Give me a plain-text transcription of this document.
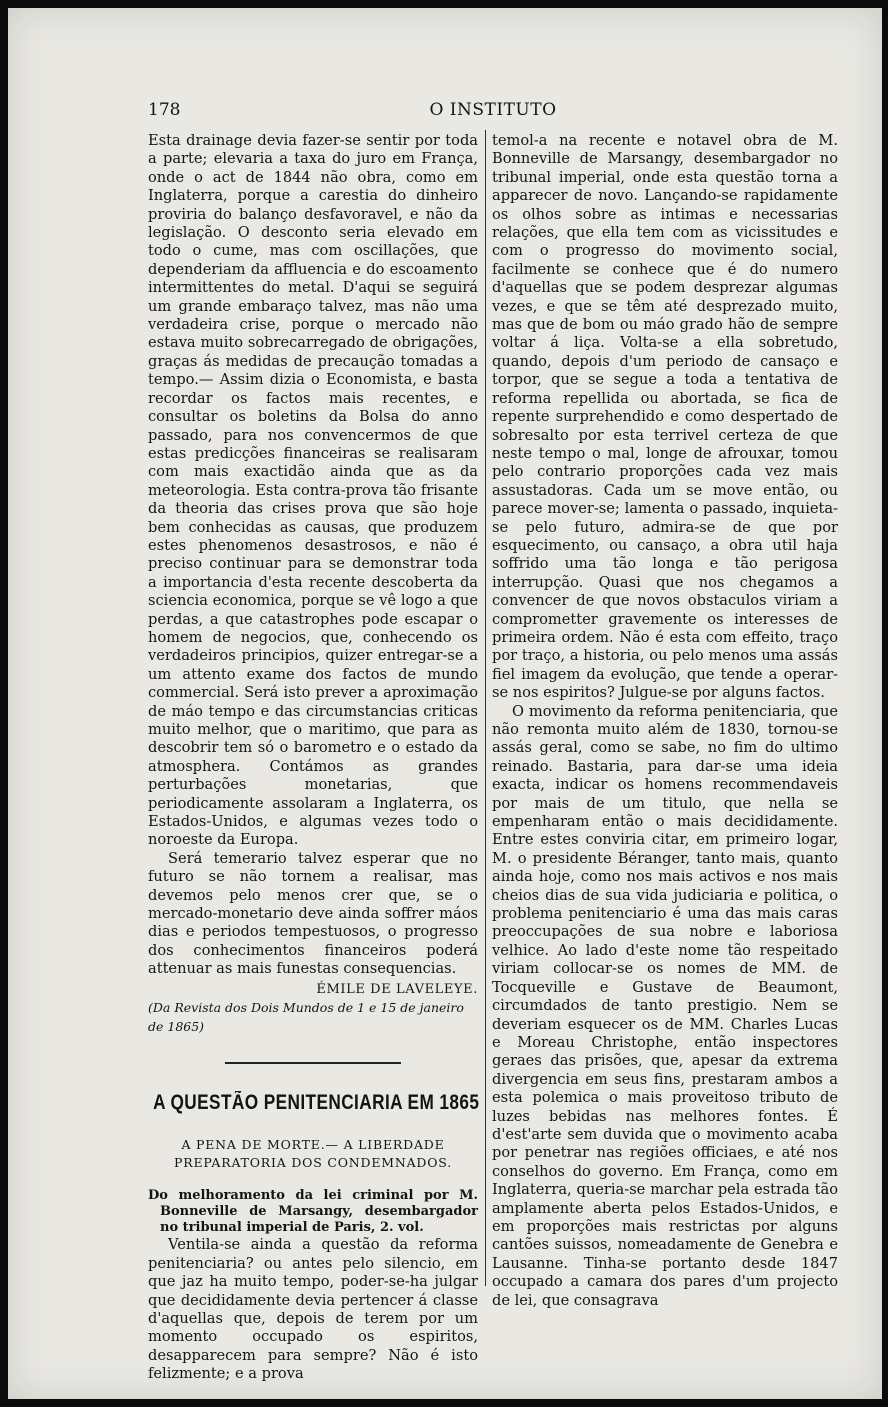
178	O INSTITUTO

Esta drainage devia fazer-se sentir por toda a parte; elevaria a taxa do juro em França, onde o act de 1844 não obra, como em Inglaterra, porque a carestia do dinheiro proviria do balanço desfavoravel, e não da legislação. O desconto seria elevado em todo o cume, mas com oscillações, que dependeriam da affluencia e do escoamento intermittentes do metal. D'aqui se seguirá um grande embaraço talvez, mas não uma verdadeira crise, porque o mercado não estava muito sobrecarregado de obrigações, graças ás medidas de precaução tomadas a tempo.— Assim dizia o Economista, e basta recordar os factos mais recentes, e consultar os boletins da Bolsa do anno passado, para nos convencermos de que estas predicções financeiras se realisaram com mais exactidão ainda que as da meteorologia. Esta contra-prova tão frisante da theoria das crises prova que são hoje bem conhecidas as causas, que produzem estes phenomenos desastrosos, e não é preciso continuar para se demonstrar toda a importancia d'esta recente descoberta da sciencia economica, porque se vê logo a que perdas, a que catastrophes pode escapar o homem de negocios, que, conhecendo os verdadeiros principios, quizer entregar-se a um attento exame dos factos de mundo commercial. Será isto prever a aproximação de máo tempo e das circumstancias criticas muito melhor, que o maritimo, que para as descobrir tem só o barometro e o estado da atmosphera. Contámos as grandes perturbações monetarias, que periodicamente assolaram a Inglaterra, os Estados-Unidos, e algumas vezes todo o noroeste da Europa.

Será temerario talvez esperar que no futuro se não tornem a realisar, mas devemos pelo menos crer que, se o mercado-monetario deve ainda soffrer máos dias e periodos tempestuosos, o progresso dos conhecimentos financeiros poderá attenuar as mais funestas consequencias.

ÉMILE DE LAVELEYE.

(Da Revista dos Dois Mundos de 1 e 15 de janeiro de 1865)

A QUESTÃO PENITENCIARIA EM 1865
A PENA DE MORTE.— A LIBERDADE PREPARATORIA DOS CONDEMNADOS.

Do melhoramento da lei criminal por M. Bonneville de Marsangy, desembargador no tribunal imperial de Paris, 2. vol.

Ventila-se ainda a questão da reforma penitenciaria? ou antes pelo silencio, em que jaz ha muito tempo, poder-se-ha julgar que decididamente devia pertencer á classe d'aquellas que, depois de terem por um momento occupado os espiritos, desapparecem para sempre? Não é isto felizmente; e a prova

temol-a na recente e notavel obra de M. Bonneville de Marsangy, desembargador no tribunal imperial, onde esta questão torna a apparecer de novo. Lançando-se rapidamente os olhos sobre as intimas e necessarias relações, que ella tem com as vicissitudes e com o progresso do movimento social, facilmente se conhece que é do numero d'aquellas que se podem desprezar algumas vezes, e que se têm até desprezado muito, mas que de bom ou máo grado hão de sempre voltar á liça. Volta-se a ella sobretudo, quando, depois d'um periodo de cansaço e torpor, que se segue a toda a tentativa de reforma repellida ou abortada, se fica de repente surprehendido e como despertado de sobresalto por esta terrivel certeza de que neste tempo o mal, longe de afrouxar, tomou pelo contrario proporções cada vez mais assustadoras. Cada um se move então, ou parece mover-se; lamenta o passado, inquieta-se pelo futuro, admira-se de que por esquecimento, ou cansaço, a obra util haja soffrido uma tão longa e tão perigosa interrupção. Quasi que nos chegamos a convencer de que novos obstaculos viriam a comprometter gravemente os interesses de primeira ordem. Não é esta com effeito, traço por traço, a historia, ou pelo menos uma assás fiel imagem da evolução, que tende a operar-se nos espiritos? Julgue-se por alguns factos.

O movimento da reforma penitenciaria, que não remonta muito além de 1830, tornou-se assás geral, como se sabe, no fim do ultimo reinado. Bastaria, para dar-se uma ideia exacta, indicar os homens recommendaveis por mais de um titulo, que nella se empenharam então o mais decididamente. Entre estes conviria citar, em primeiro logar, M. o presidente Béranger, tanto mais, quanto ainda hoje, como nos mais activos e nos mais cheios dias de sua vida judiciaria e politica, o problema penitenciario é uma das mais caras preoccupações de sua nobre e laboriosa velhice. Ao lado d'este nome tão respeitado viriam collocar-se os nomes de MM. de Tocqueville e Gustave de Beaumont, circumdados de tanto prestigio. Nem se deveriam esquecer os de MM. Charles Lucas e Moreau Christophe, então inspectores geraes das prisões, que, apesar da extrema divergencia em seus fins, prestaram ambos a esta polemica o mais proveitoso tributo de luzes bebidas nas melhores fontes. É d'est'arte sem duvida que o movimento acaba por penetrar nas regiões officiaes, e até nos conselhos do governo. Em França, como em Inglaterra, queria-se marchar pela estrada tão amplamente aberta pelos Estados-Unidos, e em proporções mais restrictas por alguns cantões suissos, nomeadamente de Genebra e Lausanne. Tinha-se portanto desde 1847 occupado a camara dos pares d'um projecto de lei, que consagrava
